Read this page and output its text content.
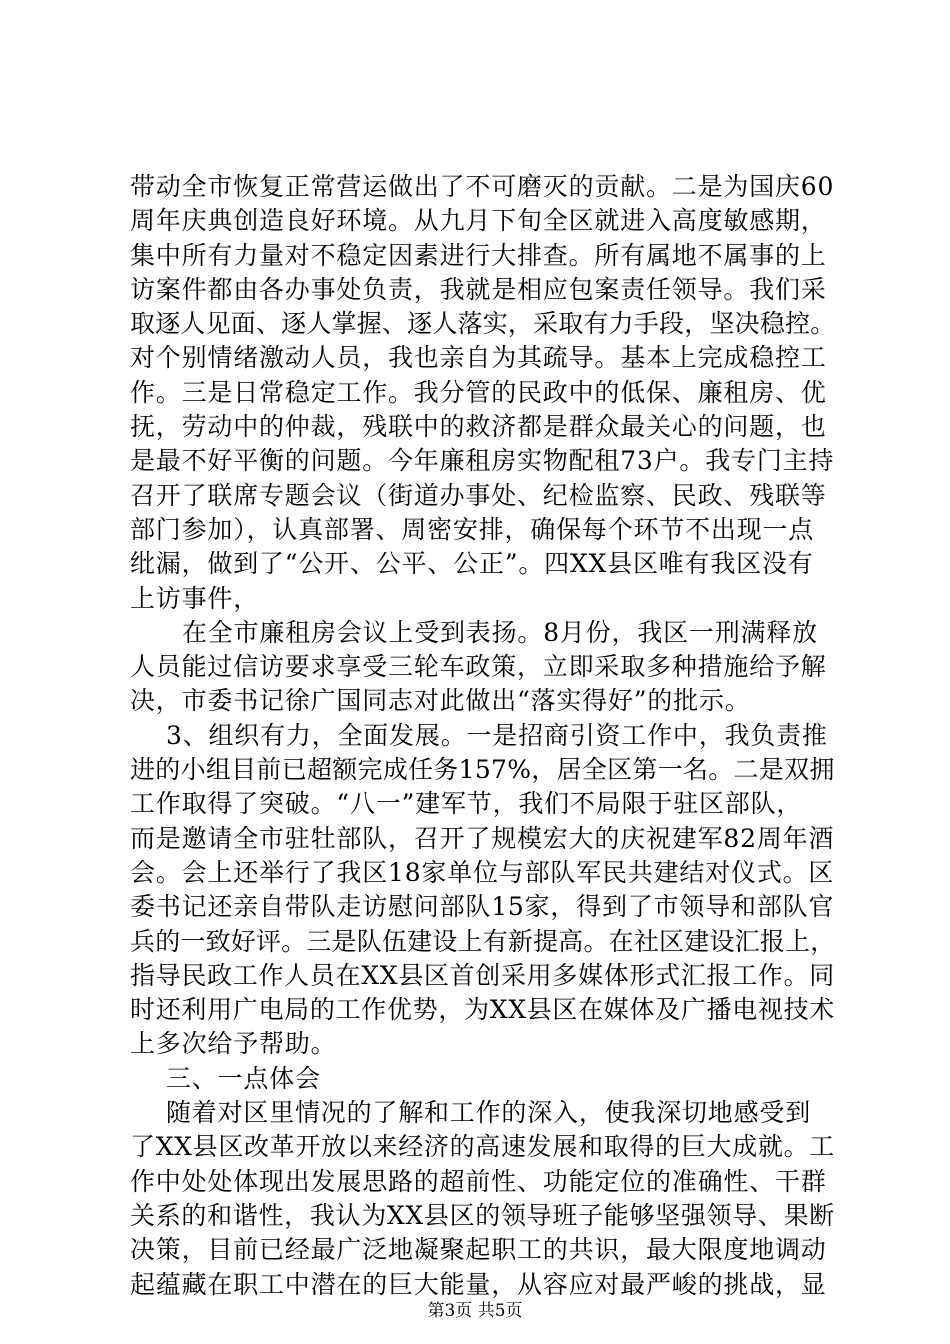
带动全市恢复正常营运做出了不可磨灭的贡献。二是为国庆60
周年庆典创造良好环境。从九月下旬全区就进入高度敏感期，
集中所有力量对不稳定因素进行大排查。所有属地不属事的上
访案件都由各办事处负责，我就是相应包案责任领导。我们采
取逐人见面、逐人掌握、逐人落实，采取有力手段，坚决稳控。
对个别情绪激动人员，我也亲自为其疏导。基本上完成稳控工
作。三是日常稳定工作。我分管的民政中的低保、廉租房、优
抚，劳动中的仲裁，残联中的救济都是群众最关心的问题，也
是最不好平衡的问题。今年廉租房实物配租73户。我专门主持
召开了联席专题会议（街道办事处、纪检监察、民政、残联等
部门参加），认真部署、周密安排，确保每个环节不出现一点
纰漏，做到了“公开、公平、公正”。四XX县区唯有我区没有
上访事件，
在全市廉租房会议上受到表扬。8月份，我区一刑满释放
人员能过信访要求享受三轮车政策，立即采取多种措施给予解
决，市委书记徐广国同志对此做出“落实得好”的批示。
3、组织有力，全面发展。一是招商引资工作中，我负责推
进的小组目前已超额完成任务157%，居全区第一名。二是双拥
工作取得了突破。“八一”建军节，我们不局限于驻区部队，
而是邀请全市驻牡部队，召开了规模宏大的庆祝建军82周年酒
会。会上还举行了我区18家单位与部队军民共建结对仪式。区
委书记还亲自带队走访慰问部队15家，得到了市领导和部队官
兵的一致好评。三是队伍建设上有新提高。在社区建设汇报上，
指导民政工作人员在XX县区首创采用多媒体形式汇报工作。同
时还利用广电局的工作优势，为XX县区在媒体及广播电视技术
上多次给予帮助。
三、一点体会
随着对区里情况的了解和工作的深入，使我深切地感受到
了XX县区改革开放以来经济的高速发展和取得的巨大成就。工
作中处处体现出发展思路的超前性、功能定位的准确性、干群
关系的和谐性，我认为XX县区的领导班子能够坚强领导、果断
决策，目前已经最广泛地凝聚起职工的共识，最大限度地调动
起蕴藏在职工中潜在的巨大能量，从容应对最严峻的挑战，显
第3页 共5页
